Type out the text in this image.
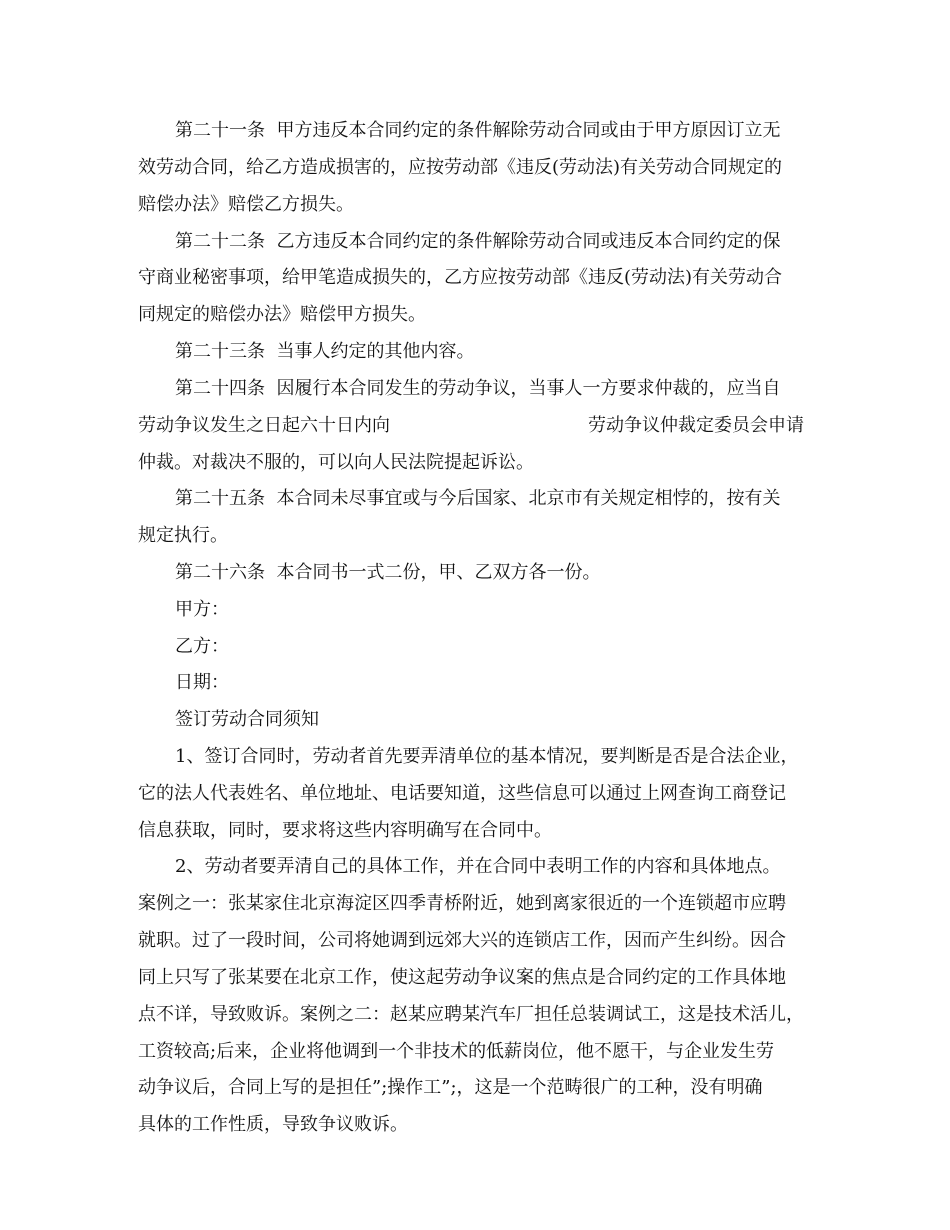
第二十一条  甲方违反本合同约定的条件解除劳动合同或由于甲方原因订立无
效劳动合同，给乙方造成损害的，应按劳动部《违反(劳动法)有关劳动合同规定的
赔偿办法》赔偿乙方损失。
第二十二条  乙方违反本合同约定的条件解除劳动合同或违反本合同约定的保
守商业秘密事项，给甲笔造成损失的，乙方应按劳动部《违反(劳动法)有关劳动合
同规定的赔偿办法》赔偿甲方损失。
第二十三条  当事人约定的其他内容。
第二十四条  因履行本合同发生的劳动争议，当事人一方要求仲裁的，应当自
劳动争议发生之日起六十日内向	劳动争议仲裁定委员会申请
仲裁。对裁决不服的，可以向人民法院提起诉讼。
第二十五条  本合同未尽事宜或与今后国家、北京市有关规定相悖的，按有关
规定执行。
第二十六条  本合同书一式二份，甲、乙双方各一份。
甲方：
乙方：
日期：
签订劳动合同须知
1、签订合同时，劳动者首先要弄清单位的基本情况，要判断是否是合法企业，
它的法人代表姓名、单位地址、电话要知道，这些信息可以通过上网查询工商登记
信息获取，同时，要求将这些内容明确写在合同中。
2、劳动者要弄清自己的具体工作，并在合同中表明工作的内容和具体地点。
案例之一：张某家住北京海淀区四季青桥附近，她到离家很近的一个连锁超市应聘
就职。过了一段时间，公司将她调到远郊大兴的连锁店工作，因而产生纠纷。因合
同上只写了张某要在北京工作，使这起劳动争议案的焦点是合同约定的工作具体地
点不详，导致败诉。案例之二：赵某应聘某汽车厂担任总装调试工，这是技术活儿，
工资较高;后来，企业将他调到一个非技术的低薪岗位，他不愿干，与企业发生劳
动争议后，合同上写的是担任”;操作工”;，这是一个范畴很广的工种，没有明确
具体的工作性质，导致争议败诉。
